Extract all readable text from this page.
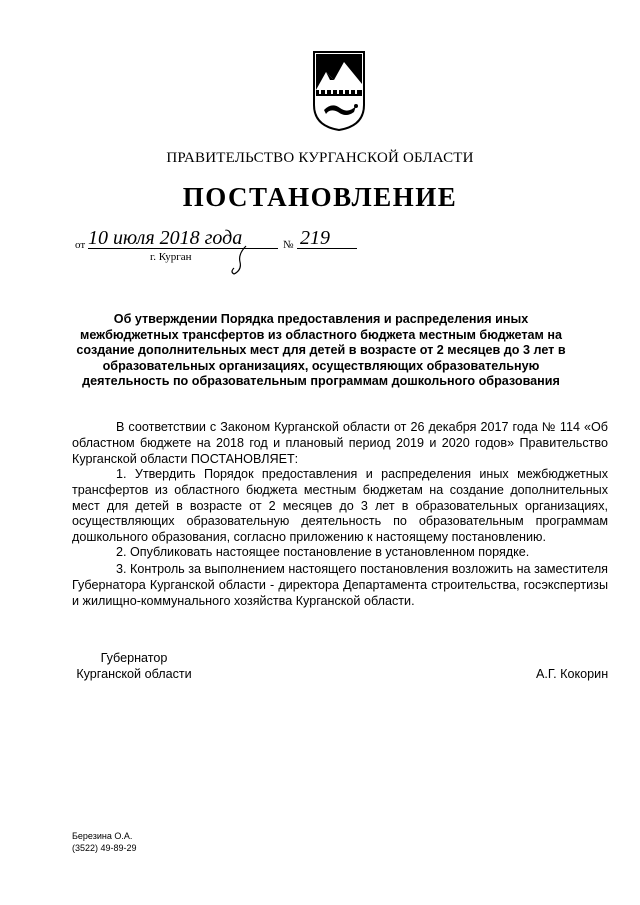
ПРАВИТЕЛЬСТВО КУРГАНСКОЙ ОБЛАСТИ
ПОСТАНОВЛЕНИЕ
от 10 июля 2018 года	№ 219
г. Курган
Об утверждении Порядка предоставления и распределения иных межбюджетных трансфертов из областного бюджета местным бюджетам на создание дополнительных мест для детей в возрасте от 2 месяцев до 3 лет в образовательных организациях, осуществляющих образовательную деятельность по образовательным программам дошкольного образования
В соответствии с Законом Курганской области от 26 декабря 2017 года № 114 «Об областном бюджете на 2018 год и плановый период 2019 и 2020 годов» Правительство Курганской области ПОСТАНОВЛЯЕТ:
1. Утвердить Порядок предоставления и распределения иных межбюджетных трансфертов из областного бюджета местным бюджетам на создание дополнительных мест для детей в возрасте от 2 месяцев до 3 лет в образовательных организациях, осуществляющих образовательную деятельность по образовательным программам дошкольного образования, согласно приложению к настоящему постановлению.
2. Опубликовать настоящее постановление в установленном порядке.
3. Контроль за выполнением настоящего постановления возложить на заместителя Губернатора Курганской области - директора Департамента строительства, госэкспертизы и жилищно-коммунального хозяйства Курганской области.
Губернатор
Курганской области	А.Г. Кокорин
Березина О.А.
(3522) 49-89-29
